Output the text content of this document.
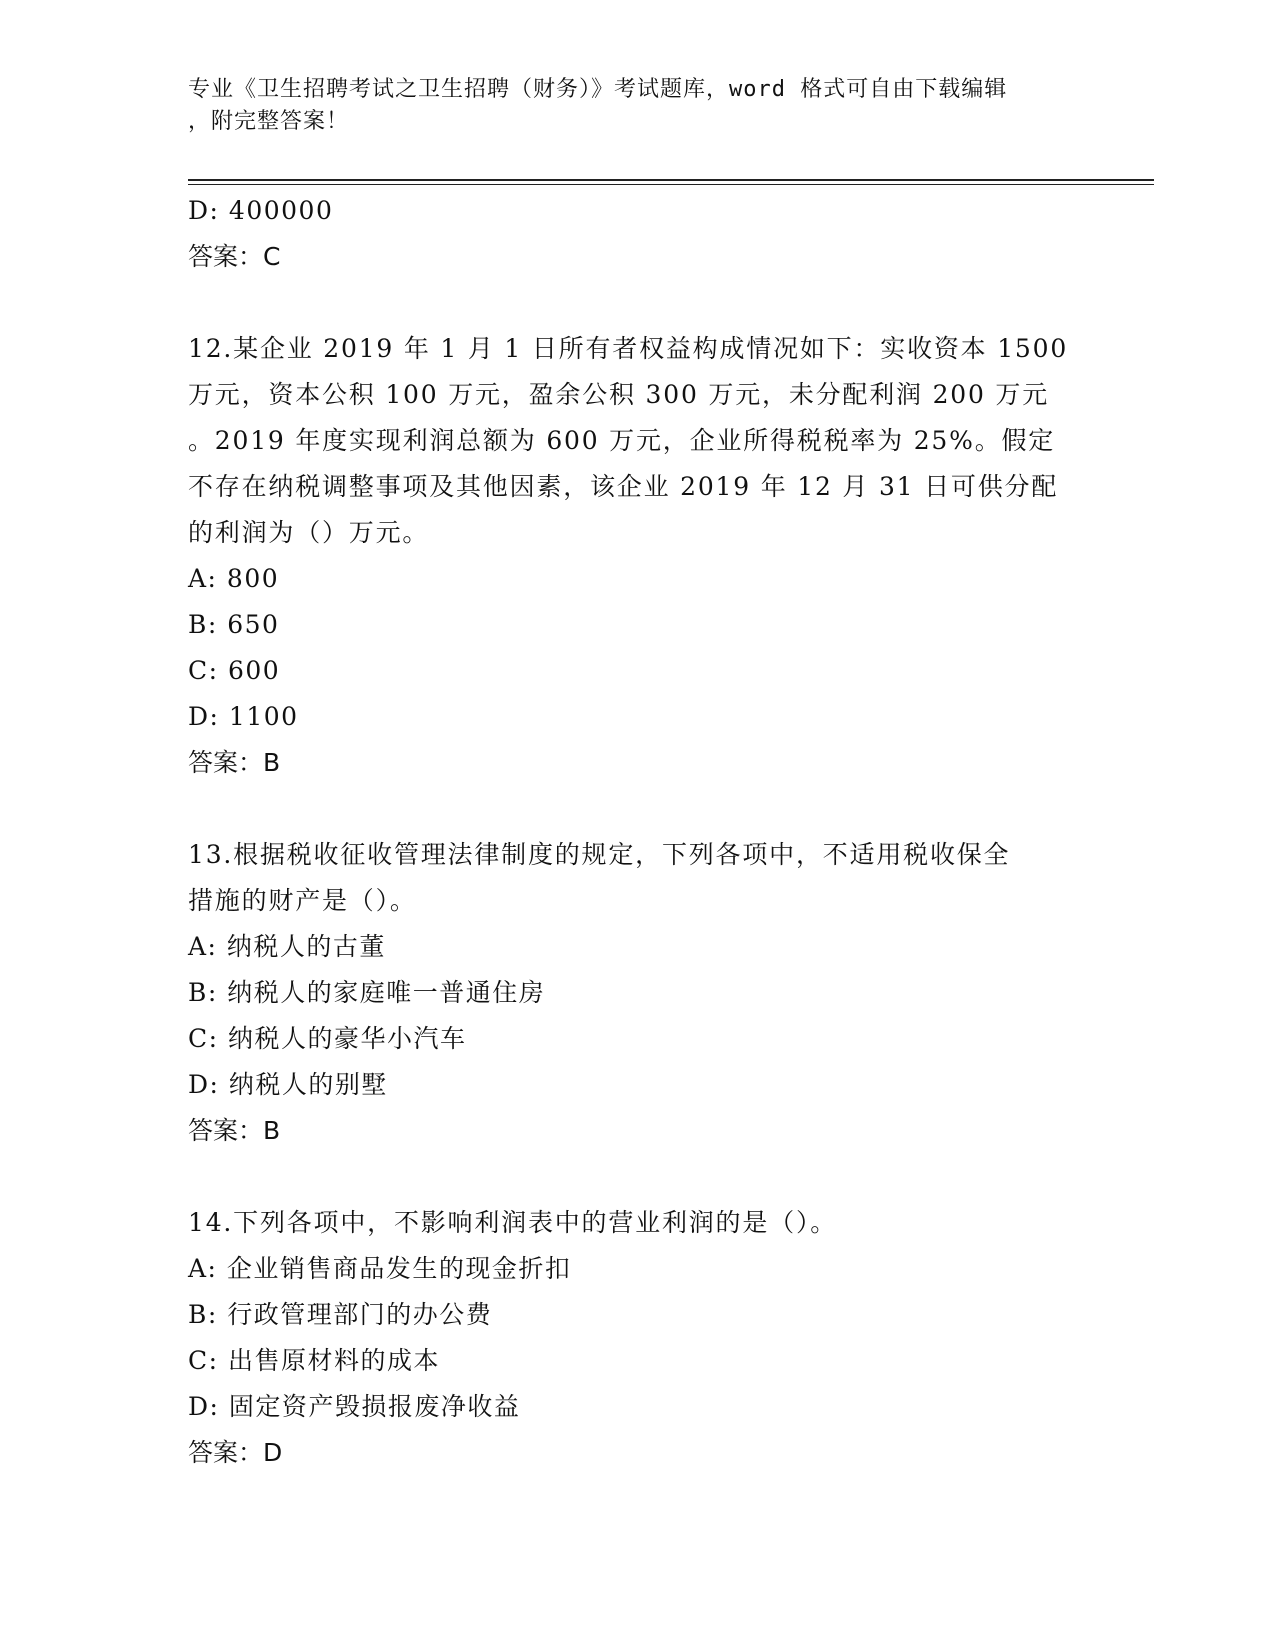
专业《卫生招聘考试之卫生招聘（财务）》考试题库，word 格式可自由下载编辑
，附完整答案！
D: 400000
答案：C
12.某企业 2019 年 1 月 1 日所有者权益构成情况如下：实收资本 1500
万元，资本公积 100 万元，盈余公积 300 万元，未分配利润 200 万元
。2019 年度实现利润总额为 600 万元，企业所得税税率为 25%。假定
不存在纳税调整事项及其他因素，该企业 2019 年 12 月 31 日可供分配
的利润为（）万元。
A: 800
B: 650
C: 600
D: 1100
答案：B
13.根据税收征收管理法律制度的规定，下列各项中，不适用税收保全
措施的财产是（）。
A: 纳税人的古董
B: 纳税人的家庭唯一普通住房
C: 纳税人的豪华小汽车
D: 纳税人的别墅
答案：B
14.下列各项中，不影响利润表中的营业利润的是（）。
A: 企业销售商品发生的现金折扣
B: 行政管理部门的办公费
C: 出售原材料的成本
D: 固定资产毁损报废净收益
答案：D
